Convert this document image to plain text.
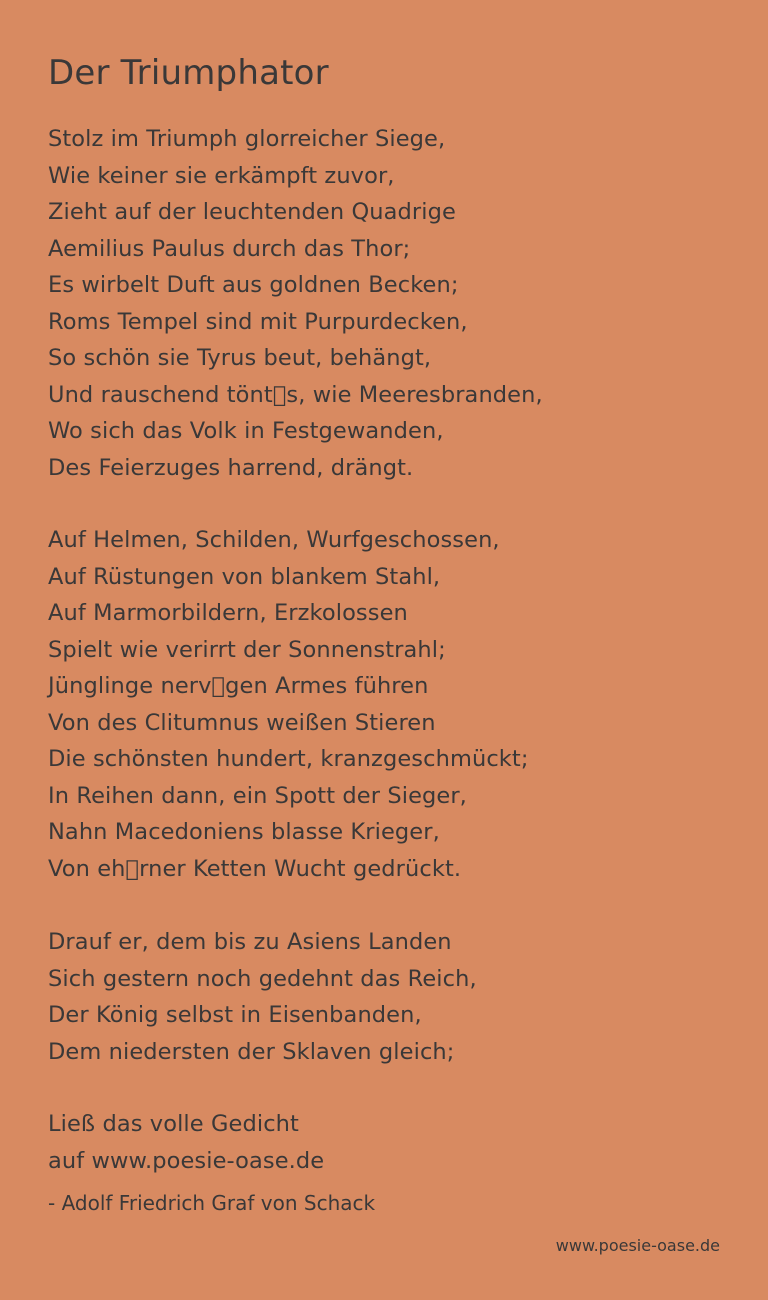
Der Triumphator
Stolz im Triumph glorreicher Siege,
Wie keiner sie erkämpft zuvor,
Zieht auf der leuchtenden Quadrige
Aemilius Paulus durch das Thor;
Es wirbelt Duft aus goldnen Becken;
Roms Tempel sind mit Purpurdecken,
So schön sie Tyrus beut, behängt,
Und rauschend tönt s, wie Meeresbranden,
Wo sich das Volk in Festgewanden,
Des Feierzuges harrend, drängt.
Auf Helmen, Schilden, Wurfgeschossen,
Auf Rüstungen von blankem Stahl,
Auf Marmorbildern, Erzkolossen
Spielt wie verirrt der Sonnenstrahl;
Jünglinge nerv gen Armes führen
Von des Clitumnus weißen Stieren
Die schönsten hundert, kranzgeschmückt;
In Reihen dann, ein Spott der Sieger,
Nahn Macedoniens blasse Krieger,
Von eh rner Ketten Wucht gedrückt.
Drauf er, dem bis zu Asiens Landen
Sich gestern noch gedehnt das Reich,
Der König selbst in Eisenbanden,
Dem niedersten der Sklaven gleich;
Ließ das volle Gedicht
auf www.poesie-oase.de
- Adolf Friedrich Graf von Schack
www.poesie-oase.de
